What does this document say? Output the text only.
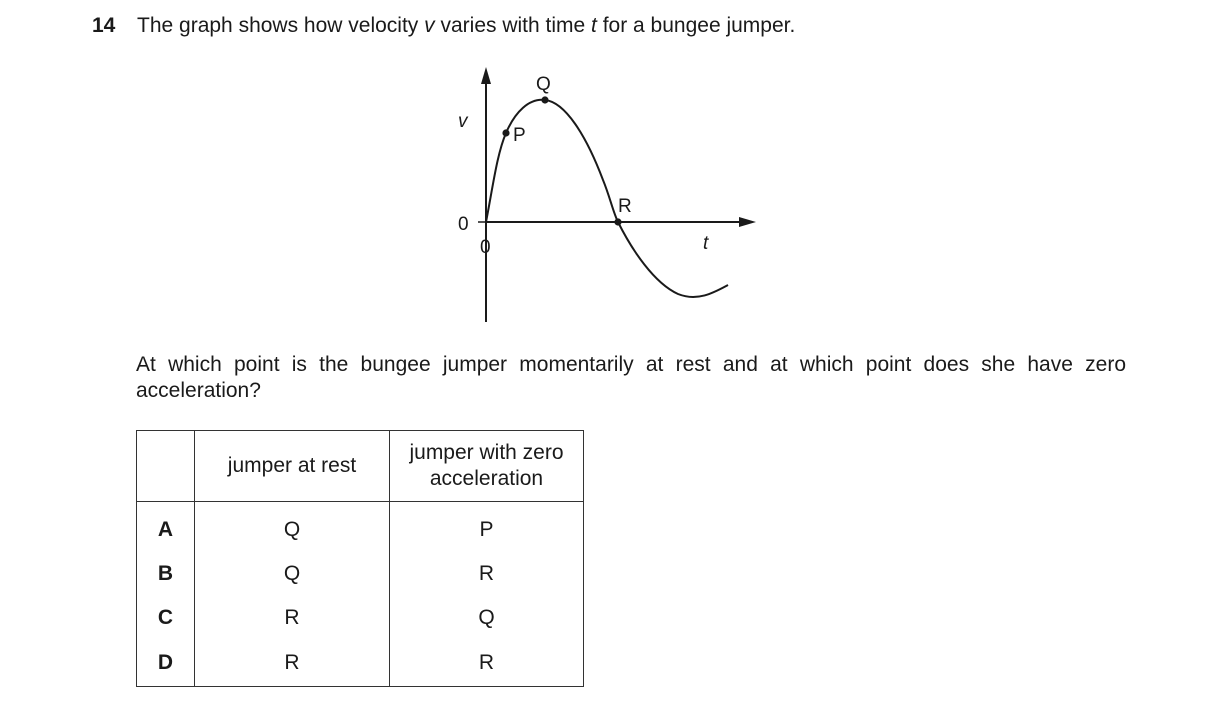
14 The graph shows how velocity v varies with time t for a bungee jumper.
P
Q
R
v
t
0
0
At which point is the bungee jumper momentarily at rest and at which point does she have zero acceleration?
	jumper at rest	jumper with zero acceleration
A	Q	P
B	Q	R
C	R	Q
D	R	R
